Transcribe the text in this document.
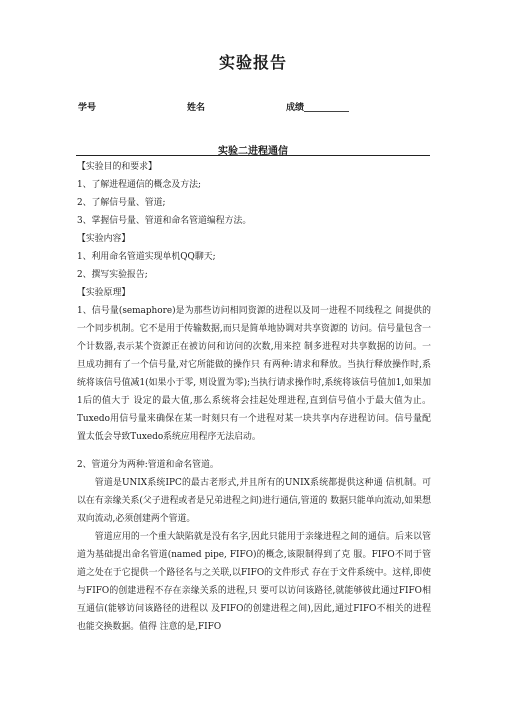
实验报告
学号	姓名	成绩__________
实验二进程通信

【实验目的和要求】

1、了解进程通信的概念及方法;

2、了解信号量、管道;

3、掌握信号量、管道和命名管道编程方法。

【实验内容】

1、利用命名管道实现单机QQ聊天;

2、撰写实验报告;

【实验原理】

1、信号量(semaphore)是为那些访问相同资源的进程以及同一进程不同线程之 间提供的一个同步机制。它不是用于传输数据,而只是简单地协调对共享资源的 访问。信号量包含一个计数器,表示某个资源正在被访问和访问的次数,用来控 制多进程对共享数据的访问。一旦成功拥有了一个信号量,对它所能做的操作只 有两种:请求和释放。当执行释放操作时,系统将该信号值减1(如果小于零, 则设置为零);当执行请求操作时,系统将该信号值加1,如果加1后的值大于 设定的最大值,那么系统将会挂起处理进程,直到信号值小于最大值为止。Tuxedo用信号量来确保在某一时刻只有一个进程对某一块共享内存进程访问。信号量配 置太低会导致Tuxedo系统应用程序无法启动。

2、管道分为两种:管道和命名管道。

管道是UNIX系统IPC的最古老形式,并且所有的UNIX系统都提供这种通 信机制。可以在有亲缘关系(父子进程或者是兄弟进程之间)进行通信,管道的 数据只能单向流动,如果想双向流动,必须创建两个管道。

管道应用的一个重大缺陷就是没有名字,因此只能用于亲缘进程之间的通信。后来以管道为基础提出命名管道(named pipe, FIFO)的概念,该限制得到了克 服。FIFO不同于管道之处在于它提供一个路径名与之关联,以FIFO的文件形式 存在于文件系统中。这样,即使与FIFO的创建进程不存在亲缘关系的进程,只 要可以访问该路径,就能够彼此通过FIFO相互通信(能够访问该路径的进程以 及FIFO的创建进程之间),因此,通过FIFO不相关的进程也能交换数据。值得 注意的是,FIFO
